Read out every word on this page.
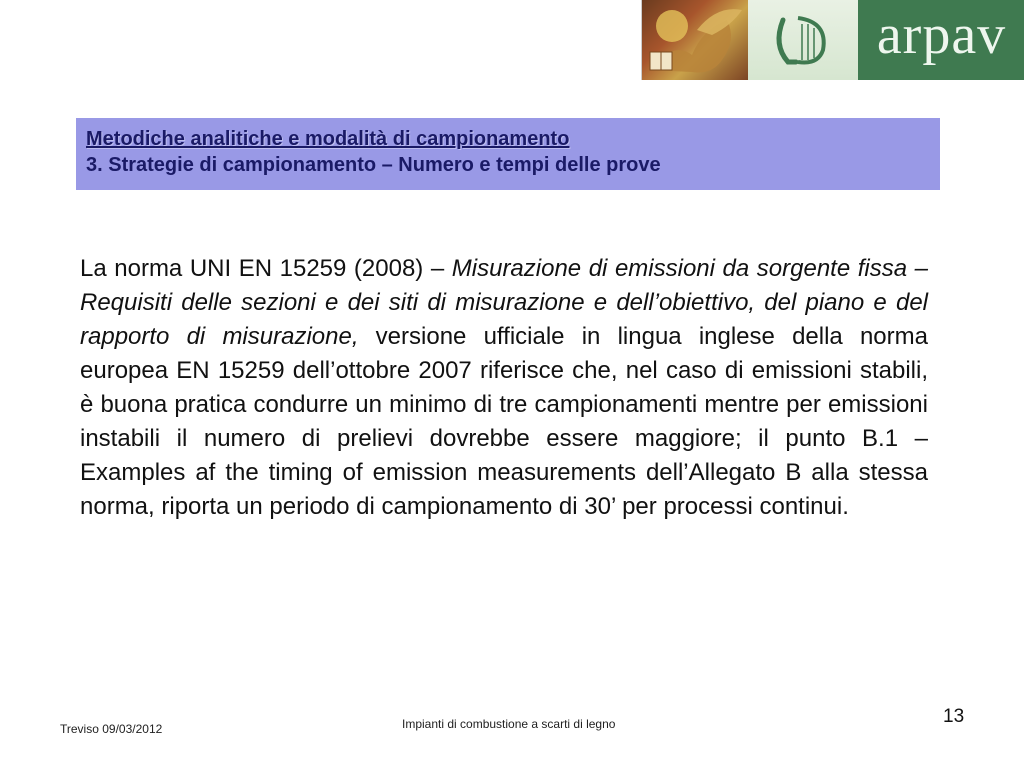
arpav
Metodiche analitiche e modalità di campionamento
3. Strategie di campionamento – Numero e tempi delle prove
La norma UNI EN 15259 (2008) – Misurazione di emissioni da sorgente fissa – Requisiti delle sezioni e dei siti di misurazione e dell’obiettivo, del piano e del rapporto di misurazione, versione ufficiale in lingua inglese della norma europea EN 15259 dell’ottobre 2007 riferisce che, nel caso di emissioni stabili, è buona pratica condurre un minimo di tre campionamenti mentre per emissioni instabili il numero di prelievi dovrebbe essere maggiore; il punto B.1 – Examples af the timing of emission measurements dell’Allegato B alla stessa norma, riporta un periodo di campionamento di 30’ per processi continui.
Treviso 09/03/2012	Impianti di combustione a scarti di legno	13
